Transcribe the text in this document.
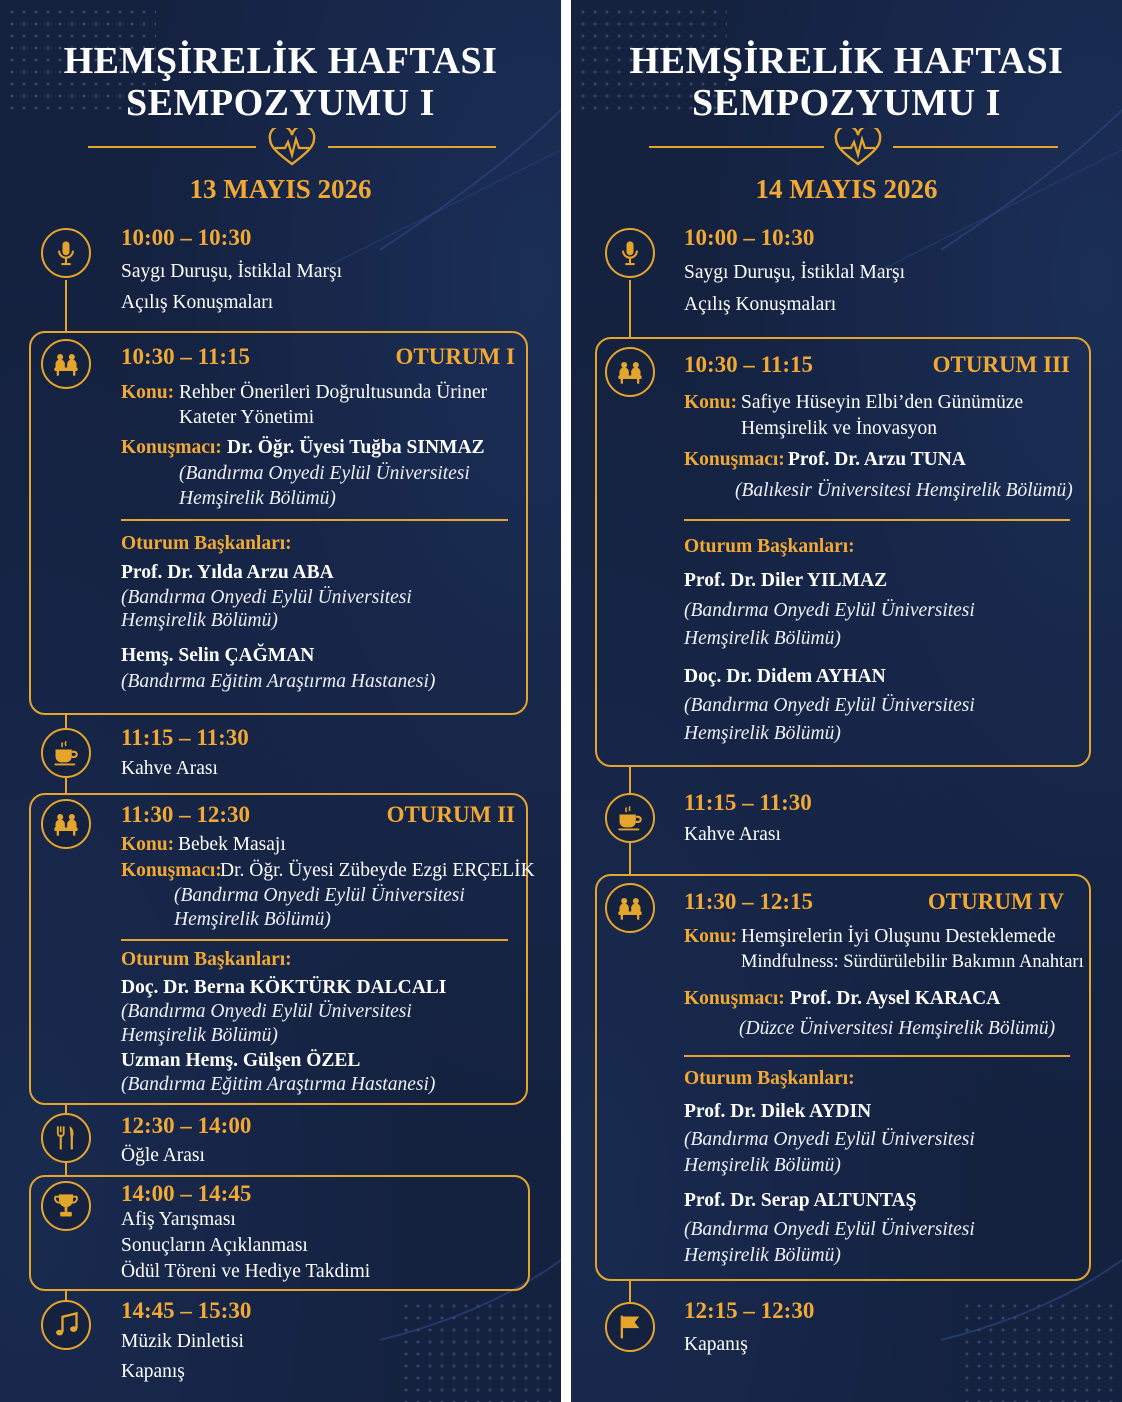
HEMŞİRELİK HAFTASI
SEMPOZYUMU I
13 MAYIS 2026
10:00 – 10:30
Saygı Duruşu, İstiklal Marşı
Açılış Konuşmaları
10:30 – 11:15	OTURUM I
Konu: Rehber Önerileri Doğrultusunda Üriner
Kateter Yönetimi
Konuşmacı: Dr. Öğr. Üyesi Tuğba SINMAZ
(Bandırma Onyedi Eylül Üniversitesi
Hemşirelik Bölümü)
Oturum Başkanları:
Prof. Dr. Yılda Arzu ABA
(Bandırma Onyedi Eylül Üniversitesi
Hemşirelik Bölümü)
Hemş. Selin ÇAĞMAN
(Bandırma Eğitim Araştırma Hastanesi)
11:15 – 11:30
Kahve Arası
11:30 – 12:30	OTURUM II
Konu: Bebek Masajı
Konuşmacı:
Dr. Öğr. Üyesi Zübeyde Ezgi ERÇELİK
(Bandırma Onyedi Eylül Üniversitesi
Hemşirelik Bölümü)
Oturum Başkanları:
Doç. Dr. Berna KÖKTÜRK DALCALI
(Bandırma Onyedi Eylül Üniversitesi
Hemşirelik Bölümü)
Uzman Hemş. Gülşen ÖZEL
(Bandırma Eğitim Araştırma Hastanesi)
12:30 – 14:00
Öğle Arası
14:00 – 14:45
Afiş Yarışması
Sonuçların Açıklanması
Ödül Töreni ve Hediye Takdimi
14:45 – 15:30
Müzik Dinletisi
Kapanış
HEMŞİRELİK HAFTASI
SEMPOZYUMU I
14 MAYIS 2026
10:00 – 10:30
Saygı Duruşu, İstiklal Marşı
Açılış Konuşmaları
10:30 – 11:15	OTURUM III
Konu: Safiye Hüseyin Elbi’den Günümüze
Hemşirelik ve İnovasyon
Konuşmacı: Prof. Dr. Arzu TUNA
(Balıkesir Üniversitesi Hemşirelik Bölümü)
Oturum Başkanları:
Prof. Dr. Diler YILMAZ
(Bandırma Onyedi Eylül Üniversitesi
Hemşirelik Bölümü)
Doç. Dr. Didem AYHAN
(Bandırma Onyedi Eylül Üniversitesi
Hemşirelik Bölümü)
11:15 – 11:30
Kahve Arası
11:30 – 12:15	OTURUM IV
Konu: Hemşirelerin İyi Oluşunu Desteklemede
Mindfulness: Sürdürülebilir Bakımın Anahtarı
Konuşmacı: Prof. Dr. Aysel KARACA
(Düzce Üniversitesi Hemşirelik Bölümü)
Oturum Başkanları:
Prof. Dr. Dilek AYDIN
(Bandırma Onyedi Eylül Üniversitesi
Hemşirelik Bölümü)
Prof. Dr. Serap ALTUNTAŞ
(Bandırma Onyedi Eylül Üniversitesi
Hemşirelik Bölümü)
12:15 – 12:30
Kapanış
